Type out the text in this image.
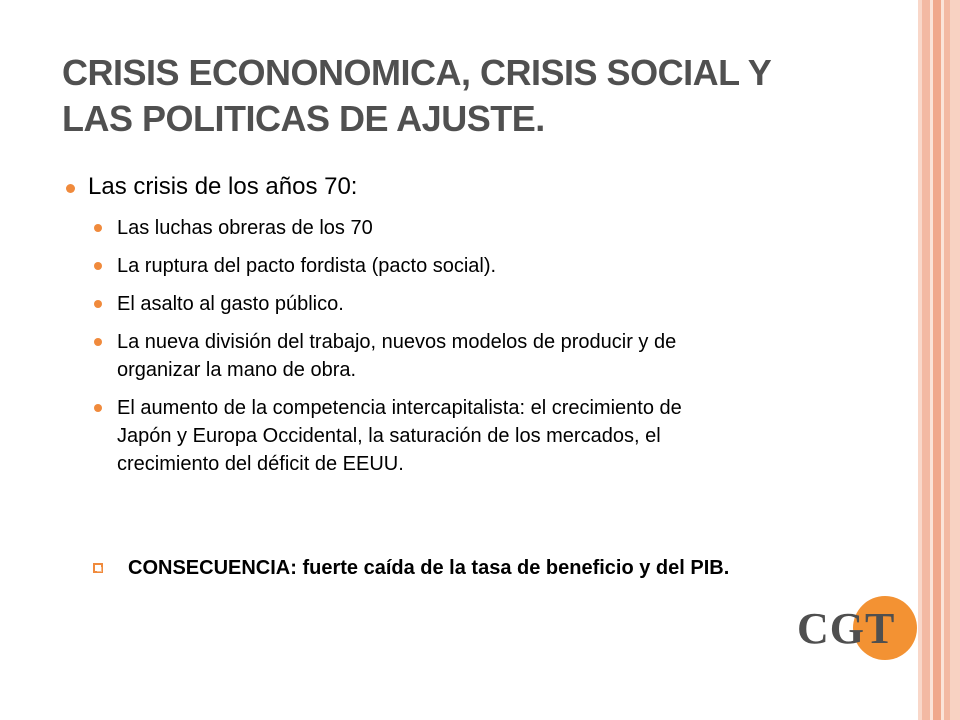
CRISIS ECONONOMICA, CRISIS SOCIAL Y
LAS POLITICAS DE AJUSTE.
Las crisis de los años 70:
Las luchas obreras de los 70
La ruptura del pacto fordista (pacto social).
El asalto al gasto público.
La nueva división del trabajo, nuevos modelos de producir y de
organizar la mano de obra.
El aumento de la competencia intercapitalista: el crecimiento de
Japón y Europa Occidental, la saturación de los mercados, el
crecimiento del déficit de EEUU.
CONSECUENCIA: fuerte caída de la tasa de beneficio y del PIB.
CGT
